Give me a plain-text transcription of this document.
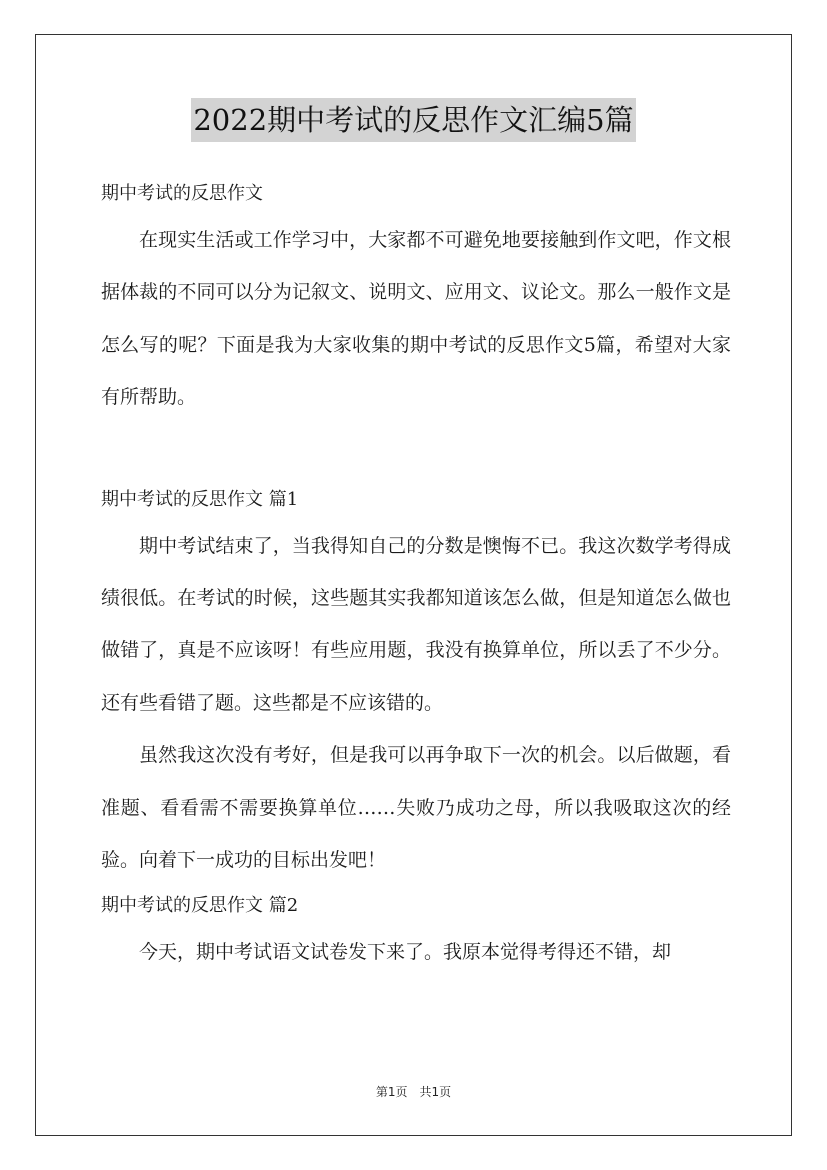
2022期中考试的反思作文汇编5篇

期中考试的反思作文

在现实生活或工作学习中，大家都不可避免地要接触到作文吧，作文根据体裁的不同可以分为记叙文、说明文、应用文、议论文。那么一般作文是怎么写的呢？下面是我为大家收集的期中考试的反思作文5篇，希望对大家有所帮助。

期中考试的反思作文 篇1

期中考试结束了，当我得知自己的分数是懊悔不已。我这次数学考得成绩很低。在考试的时候，这些题其实我都知道该怎么做，但是知道怎么做也做错了，真是不应该呀！有些应用题，我没有换算单位，所以丢了不少分。还有些看错了题。这些都是不应该错的。

虽然我这次没有考好，但是我可以再争取下一次的机会。以后做题，看准题、看看需不需要换算单位……失败乃成功之母，所以我吸取这次的经验。向着下一成功的目标出发吧！

期中考试的反思作文 篇2

今天，期中考试语文试卷发下来了。我原本觉得考得还不错，却

第1页 共1页
